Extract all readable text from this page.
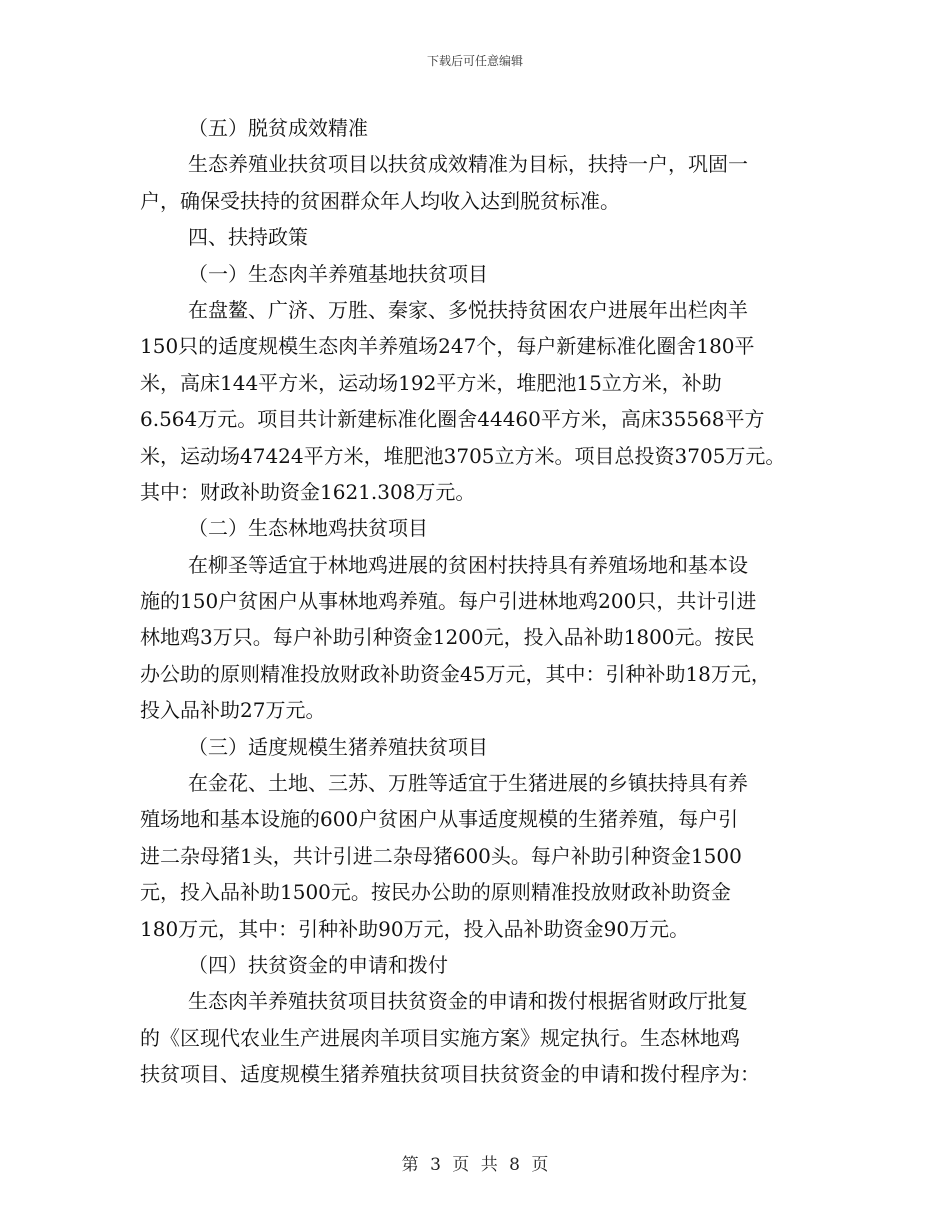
下载后可任意编辑
（五）脱贫成效精准
生态养殖业扶贫项目以扶贫成效精准为目标，扶持一户，巩固一
户，确保受扶持的贫困群众年人均收入达到脱贫标准。
四、扶持政策
（一）生态肉羊养殖基地扶贫项目
在盘鳌、广济、万胜、秦家、多悦扶持贫困农户进展年出栏肉羊
150只的适度规模生态肉羊养殖场247个，每户新建标准化圈舍180平
米，高床144平方米，运动场192平方米，堆肥池15立方米，补助
6.564万元。项目共计新建标准化圈舍44460平方米，高床35568平方
米，运动场47424平方米，堆肥池3705立方米。项目总投资3705万元。
其中：财政补助资金1621.308万元。
（二）生态林地鸡扶贫项目
在柳圣等适宜于林地鸡进展的贫困村扶持具有养殖场地和基本设
施的150户贫困户从事林地鸡养殖。每户引进林地鸡200只，共计引进
林地鸡3万只。每户补助引种资金1200元，投入品补助1800元。按民
办公助的原则精准投放财政补助资金45万元，其中：引种补助18万元，
投入品补助27万元。
（三）适度规模生猪养殖扶贫项目
在金花、土地、三苏、万胜等适宜于生猪进展的乡镇扶持具有养
殖场地和基本设施的600户贫困户从事适度规模的生猪养殖，每户引
进二杂母猪1头，共计引进二杂母猪600头。每户补助引种资金1500
元，投入品补助1500元。按民办公助的原则精准投放财政补助资金
180万元，其中：引种补助90万元，投入品补助资金90万元。
（四）扶贫资金的申请和拨付
生态肉羊养殖扶贫项目扶贫资金的申请和拨付根据省财政厅批复
的《区现代农业生产进展肉羊项目实施方案》规定执行。生态林地鸡
扶贫项目、适度规模生猪养殖扶贫项目扶贫资金的申请和拨付程序为：
第 3 页 共 8 页
